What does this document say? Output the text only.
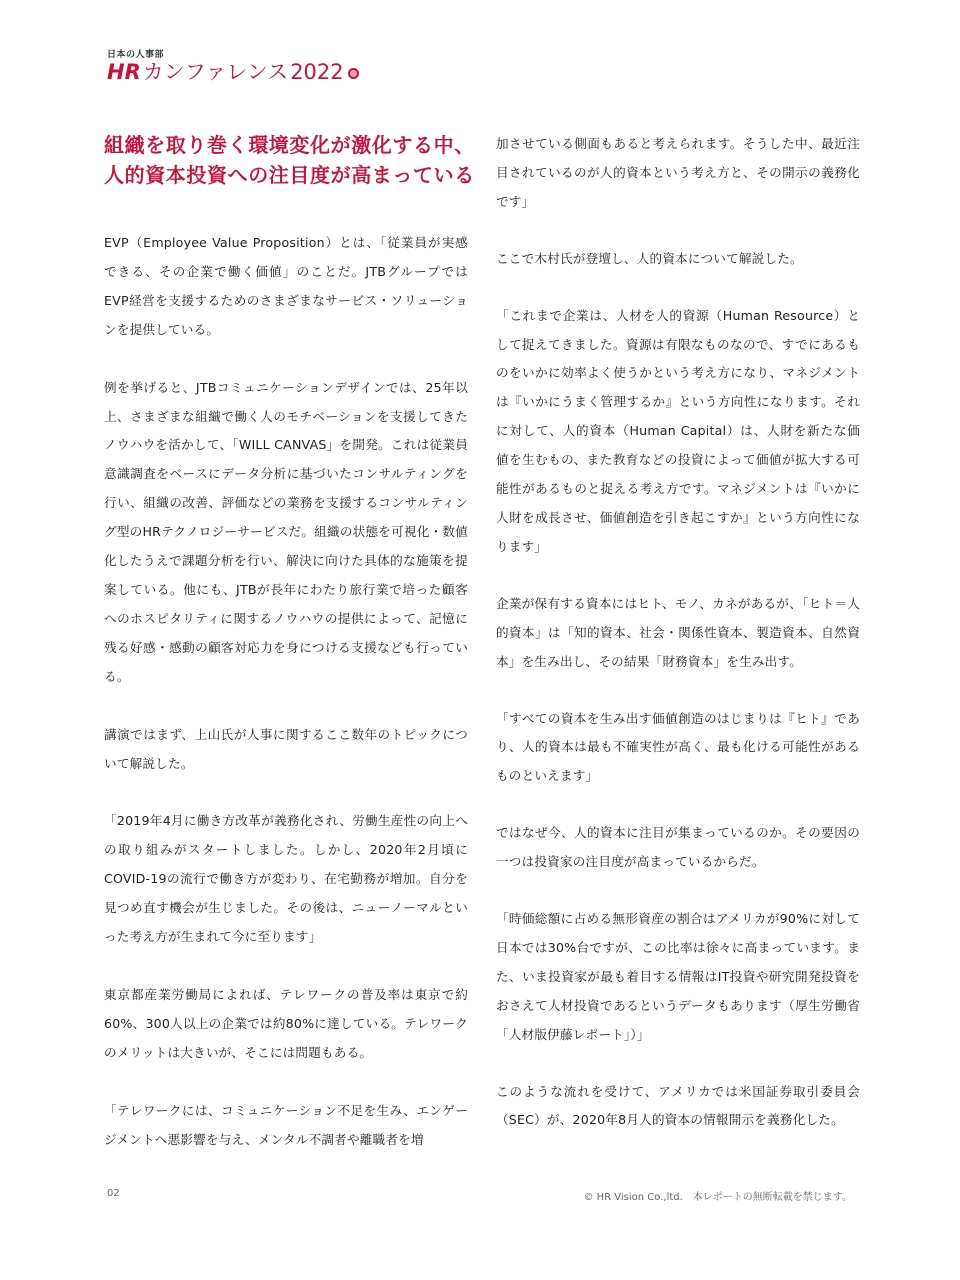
日本の人事部
HR カンファレンス 2022
組織を取り巻く環境変化が激化する中、
人的資本投資への注目度が高まっている

EVP（Employee Value Proposition）とは、「従業員が実感できる、その企業で働く価値」のことだ。JTBグループではEVP経営を支援するためのさまざまなサービス・ソリューションを提供している。

例を挙げると、JTBコミュニケーションデザインでは、25年以上、さまざまな組織で働く人のモチベーションを支援してきたノウハウを活かして、「WILL CANVAS」を開発。これは従業員意識調査をベースにデータ分析に基づいたコンサルティングを行い、組織の改善、評価などの業務を支援するコンサルティング型のHRテクノロジーサービスだ。組織の状態を可視化・数値化したうえで課題分析を行い、解決に向けた具体的な施策を提案している。他にも、JTBが長年にわたり旅行業で培った顧客へのホスピタリティに関するノウハウの提供によって、記憶に残る好感・感動の顧客対応力を身につける支援なども行っている。

講演ではまず、上山氏が人事に関するここ数年のトピックについて解説した。

「2019年4月に働き方改革が義務化され、労働生産性の向上への取り組みがスタートしました。しかし、2020年2月頃にCOVID-19の流行で働き方が変わり、在宅勤務が増加。自分を見つめ直す機会が生じました。その後は、ニューノーマルといった考え方が生まれて今に至ります」

東京都産業労働局によれば、テレワークの普及率は東京で約60%、300人以上の企業では約80%に達している。テレワークのメリットは大きいが、そこには問題もある。

「テレワークには、コミュニケーション不足を生み、エンゲージメントへ悪影響を与え、メンタル不調者や離職者を増

加させている側面もあると考えられます。そうした中、最近注目されているのが人的資本という考え方と、その開示の義務化です」

ここで木村氏が登壇し、人的資本について解説した。

「これまで企業は、人材を人的資源（Human Resource）として捉えてきました。資源は有限なものなので、すでにあるものをいかに効率よく使うかという考え方になり、マネジメントは『いかにうまく管理するか』という方向性になります。それに対して、人的資本（Human Capital）は、人財を新たな価値を生むもの、また教育などの投資によって価値が拡大する可能性があるものと捉える考え方です。マネジメントは『いかに人財を成長させ、価値創造を引き起こすか』という方向性になります」

企業が保有する資本にはヒト、モノ、カネがあるが、「ヒト＝人的資本」は「知的資本、社会・関係性資本、製造資本、自然資本」を生み出し、その結果「財務資本」を生み出す。

「すべての資本を生み出す価値創造のはじまりは『ヒト』であり、人的資本は最も不確実性が高く、最も化ける可能性があるものといえます」

ではなぜ今、人的資本に注目が集まっているのか。その要因の一つは投資家の注目度が高まっているからだ。

「時価総額に占める無形資産の割合はアメリカが90%に対して日本では30%台ですが、この比率は徐々に高まっています。また、いま投資家が最も着目する情報はIT投資や研究開発投資をおさえて人材投資であるというデータもあります（厚生労働省「人材版伊藤レポート」）」

このような流れを受けて、アメリカでは米国証券取引委員会（SEC）が、2020年8月人的資本の情報開示を義務化した。

02	© HR Vision Co.,ltd.　本レポートの無断転載を禁じます。
